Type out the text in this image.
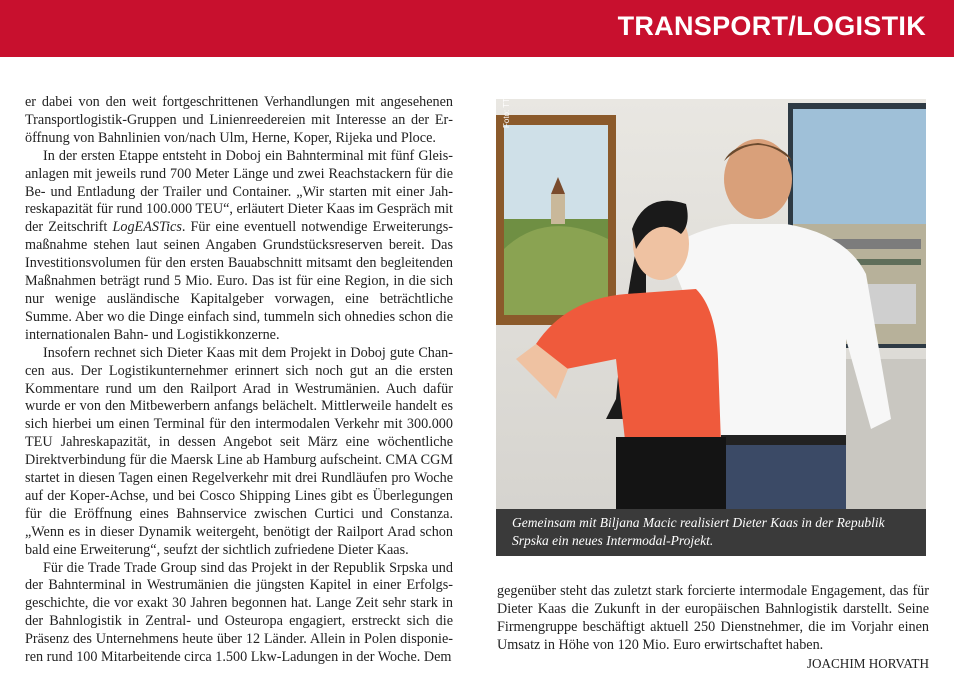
TRANSPORT/LOGISTIK

er dabei von den weit fortgeschrittenen Verhandlungen mit angesehenen Transportlogistik-Gruppen und Linienreedereien mit Interesse an der Eröffnung von Bahnlinien von/nach Ulm, Herne, Koper, Rijeka und Ploce.

In der ersten Etappe entsteht in Doboj ein Bahnterminal mit fünf Gleisanlagen mit jeweils rund 700 Meter Länge und zwei Reachstackern für die Be- und Entladung der Trailer und Container. „Wir starten mit einer Jahreskapazität für rund 100.000 TEU“, erläutert Dieter Kaas im Gespräch mit der Zeitschrift LogEASTics. Für eine eventuell notwendige Erweiterungsmaßnahme stehen laut seinen Angaben Grundstücksreserven bereit. Das Investitionsvolumen für den ersten Bauabschnitt mitsamt den begleitenden Maßnahmen beträgt rund 5 Mio. Euro. Das ist für eine Region, in die sich nur wenige ausländische Kapitalgeber vorwagen, eine beträchtliche Summe. Aber wo die Dinge einfach sind, tummeln sich ohnedies schon die internationalen Bahn- und Logistikkonzerne.

Insofern rechnet sich Dieter Kaas mit dem Projekt in Doboj gute Chancen aus. Der Logistikunternehmer erinnert sich noch gut an die ersten Kommentare rund um den Railport Arad in Westrumänien. Auch dafür wurde er von den Mitbewerbern anfangs belächelt. Mittlerweile handelt es sich hierbei um einen Terminal für den intermodalen Verkehr mit 300.000 TEU Jahreskapazität, in dessen Angebot seit März eine wöchentliche Direktverbindung für die Maersk Line ab Hamburg aufscheint. CMA CGM startet in diesen Tagen einen Regelverkehr mit drei Rundläufen pro Woche auf der Koper-Achse, und bei Cosco Shipping Lines gibt es Überlegungen für die Eröffnung eines Bahnservice zwischen Curtici und Constanza. „Wenn es in dieser Dynamik weitergeht, benötigt der Railport Arad schon bald eine Erweiterung“, seufzt der sichtlich zufriedene Dieter Kaas.

Für die Trade Trade Group sind das Projekt in der Republik Srpska und der Bahnterminal in Westrumänien die jüngsten Kapitel in einer Erfolgsgeschichte, die vor exakt 30 Jahren begonnen hat. Lange Zeit sehr stark in der Bahnlogistik in Zentral- und Osteuropa engagiert, erstreckt sich die Präsenz des Unternehmens heute über 12 Länder. Allein in Polen disponieren rund 100 Mitarbeitende circa 1.500 Lkw-Ladungen in der Woche. Dem

Foto: TTG
Gemeinsam mit Biljana Macic realisiert Dieter Kaas in der Republik Srpska ein neues Intermodal-Projekt.

gegenüber steht das zuletzt stark forcierte intermodale Engagement, das für Dieter Kaas die Zukunft in der europäischen Bahnlogistik darstellt. Seine Firmengruppe beschäftigt aktuell 250 Dienstnehmer, die im Vorjahr einen Umsatz in Höhe von 120 Mio. Euro erwirtschaftet haben.

JOACHIM HORVATH
